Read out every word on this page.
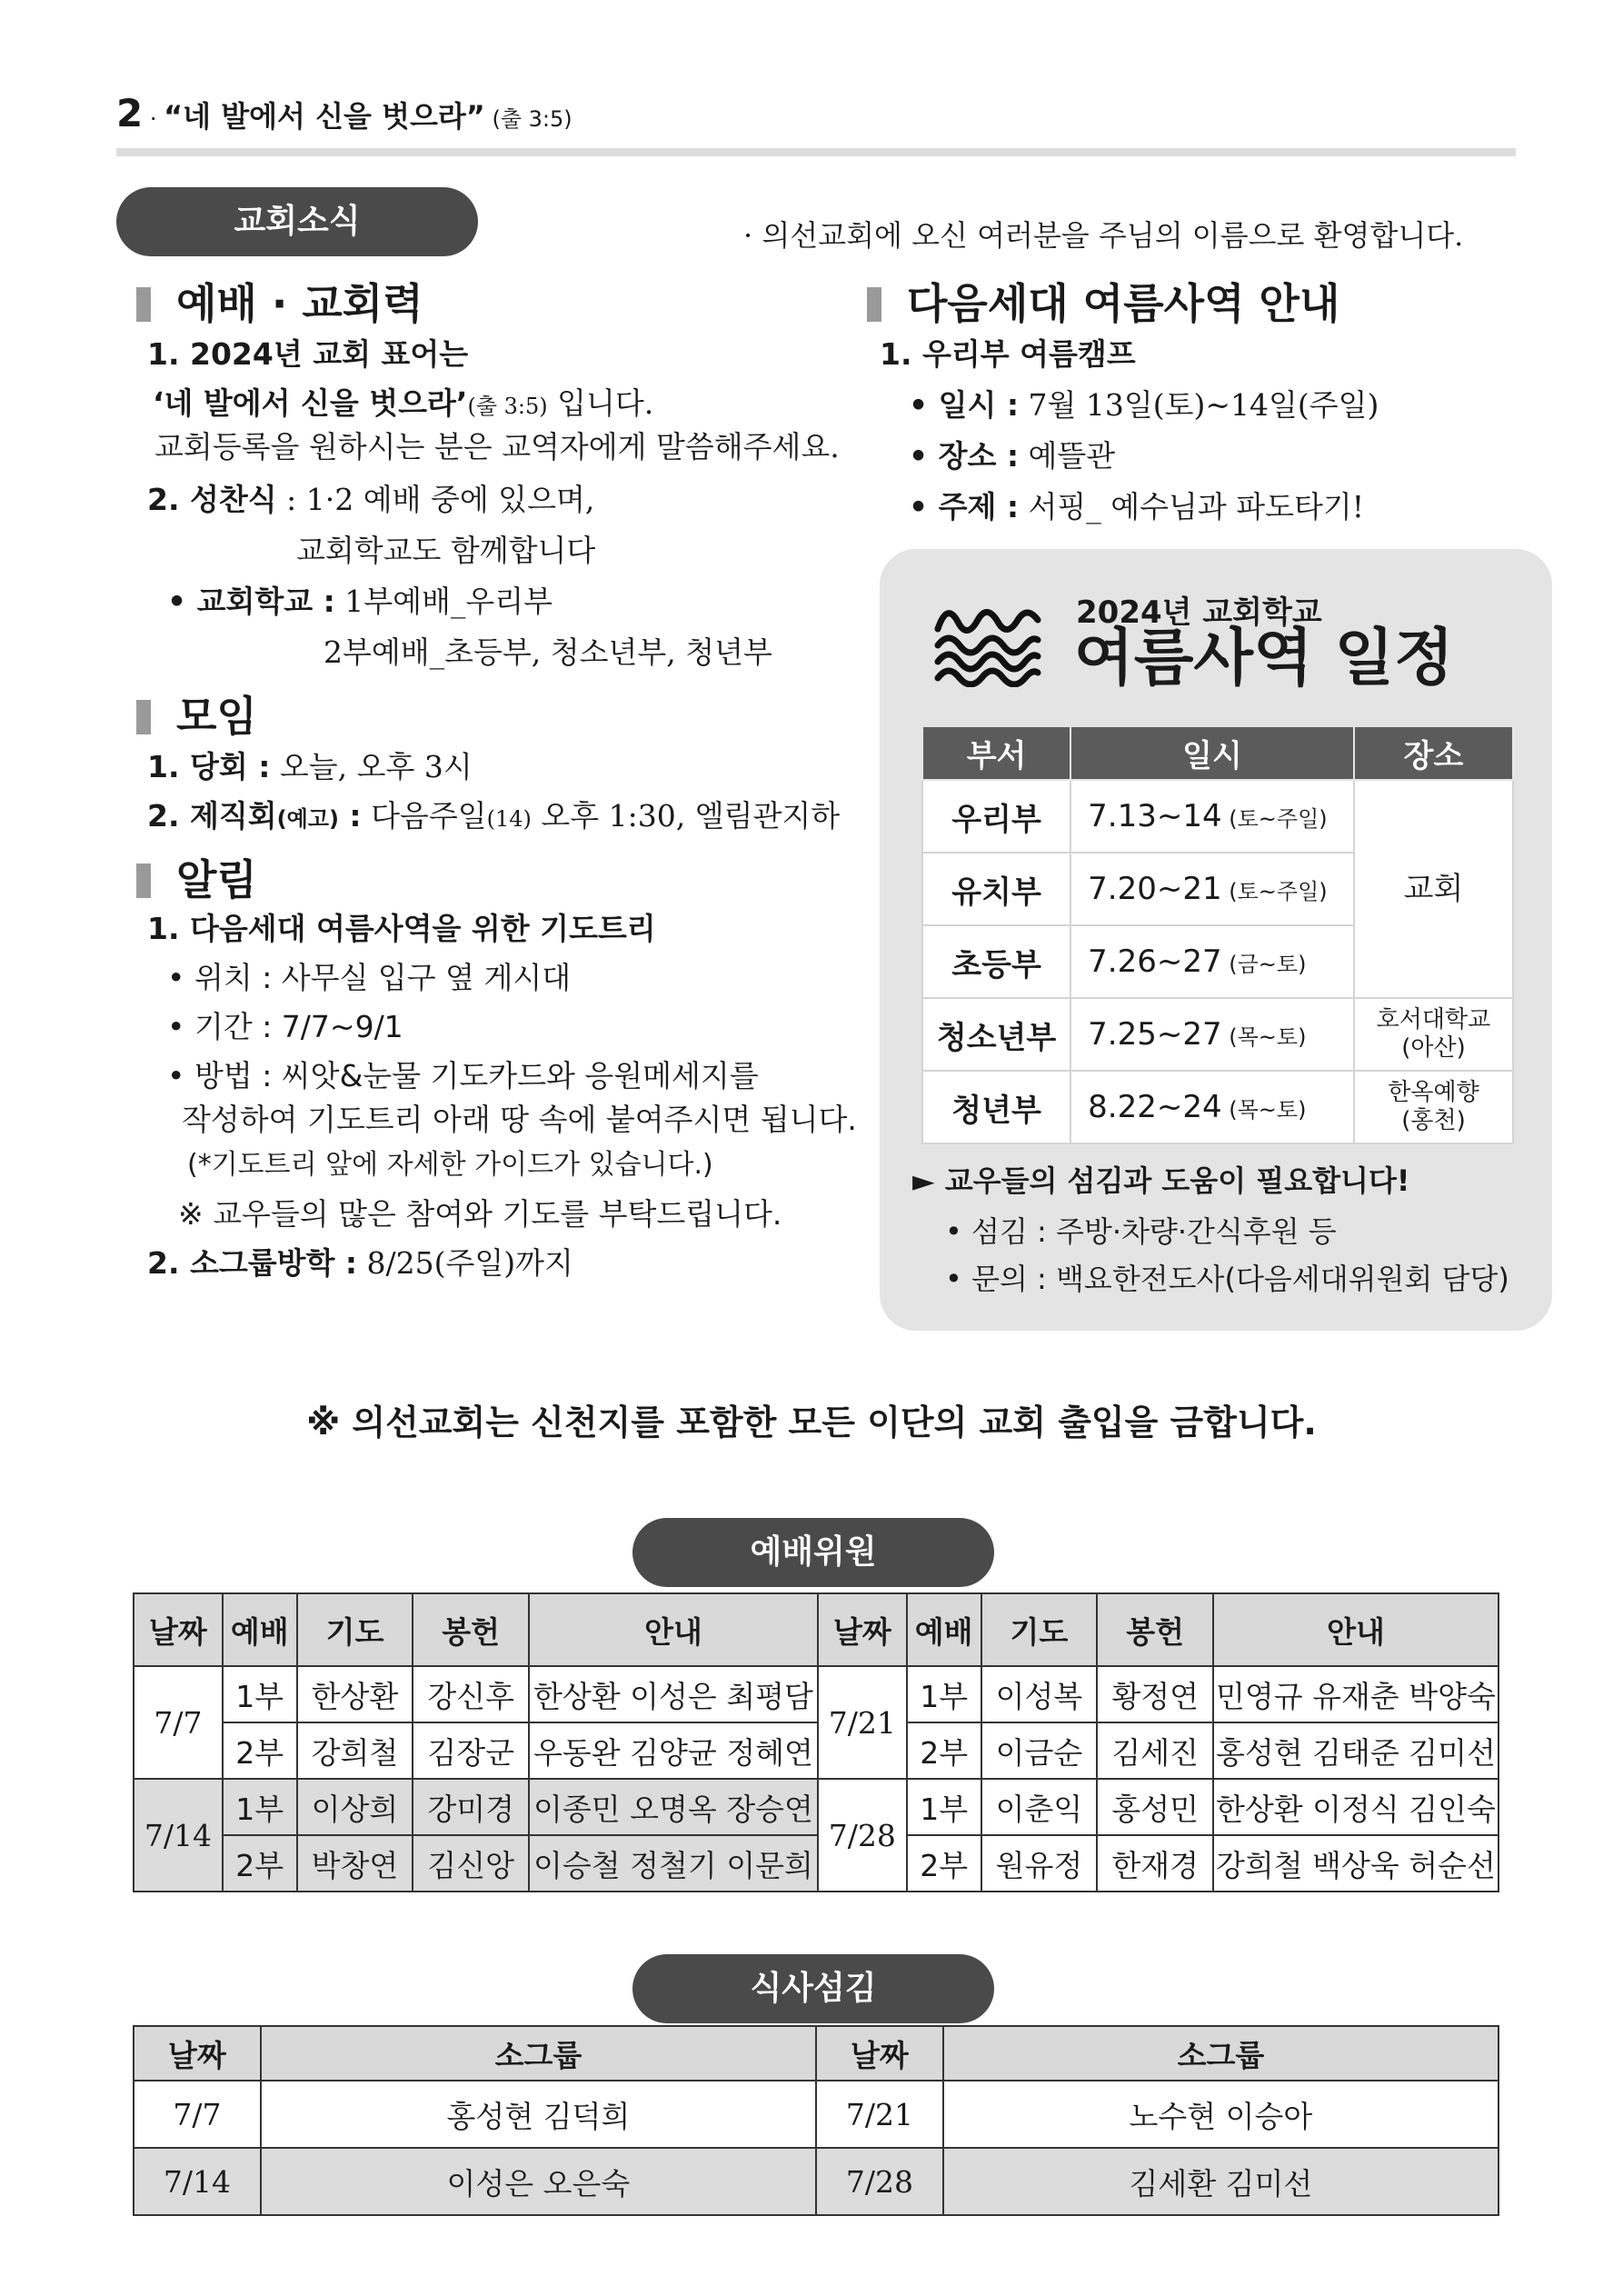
2 · “네 발에서 신을 벗으라” (출 3:5)
교회소식	· 의선교회에 오신 여러분을 주님의 이름으로 환영합니다.
예배 · 교회력
1. 2024년 교회 표어는
‘네 발에서 신을 벗으라’(출 3:5) 입니다.
교회등록을 원하시는 분은 교역자에게 말씀해주세요.
2. 성찬식 : 1·2 예배 중에 있으며,
교회학교도 함께합니다
• 교회학교 : 1부예배_우리부
2부예배_초등부, 청소년부, 청년부
모임
1. 당회 : 오늘, 오후 3시
2. 제직회(예고) : 다음주일(14) 오후 1:30, 엘림관지하
알림
1. 다음세대 여름사역을 위한 기도트리
• 위치 : 사무실 입구 옆 게시대
• 기간 : 7/7~9/1
• 방법 : 씨앗&눈물 기도카드와 응원메세지를
작성하여 기도트리 아래 땅 속에 붙여주시면 됩니다.
(*기도트리 앞에 자세한 가이드가 있습니다.)
※ 교우들의 많은 참여와 기도를 부탁드립니다.
2. 소그룹방학 : 8/25(주일)까지
다음세대 여름사역 안내
1. 우리부 여름캠프
• 일시 : 7월 13일(토)~14일(주일)
• 장소 : 예뜰관
• 주제 : 서핑_ 예수님과 파도타기!
2024년 교회학교
여름사역 일정
부서	일시	장소
우리부	7.13~14 (토~주일)	교회
유치부	7.20~21 (토~주일)	
초등부	7.26~27 (금~토)	
청소년부	7.25~27 (목~토)	호서대학교
(아산)
청년부	8.22~24 (목~토)	한옥예향
(홍천)
► 교우들의 섬김과 도움이 필요합니다!
• 섬김 : 주방·차량·간식후원 등
• 문의 : 백요한전도사(다음세대위원회 담당)
※ 의선교회는 신천지를 포함한 모든 이단의 교회 출입을 금합니다.
예배위원
날짜	예배	기도	봉헌	안내	날짜	예배	기도	봉헌	안내
7/7	1부	한상환	강신후	한상환 이성은 최평담	7/21	1부	이성복	황정연	민영규 유재춘 박양숙
	2부	강희철	김장군	우동완 김양균 정혜연		2부	이금순	김세진	홍성현 김태준 김미선
7/14	1부	이상희	강미경	이종민 오명옥 장승연	7/28	1부	이춘익	홍성민	한상환 이정식 김인숙
	2부	박창연	김신앙	이승철 정철기 이문희		2부	원유정	한재경	강희철 백상욱 허순선
식사섬김
날짜	소그룹	날짜	소그룹
7/7	홍성현 김덕희	7/21	노수현 이승아
7/14	이성은 오은숙	7/28	김세환 김미선
